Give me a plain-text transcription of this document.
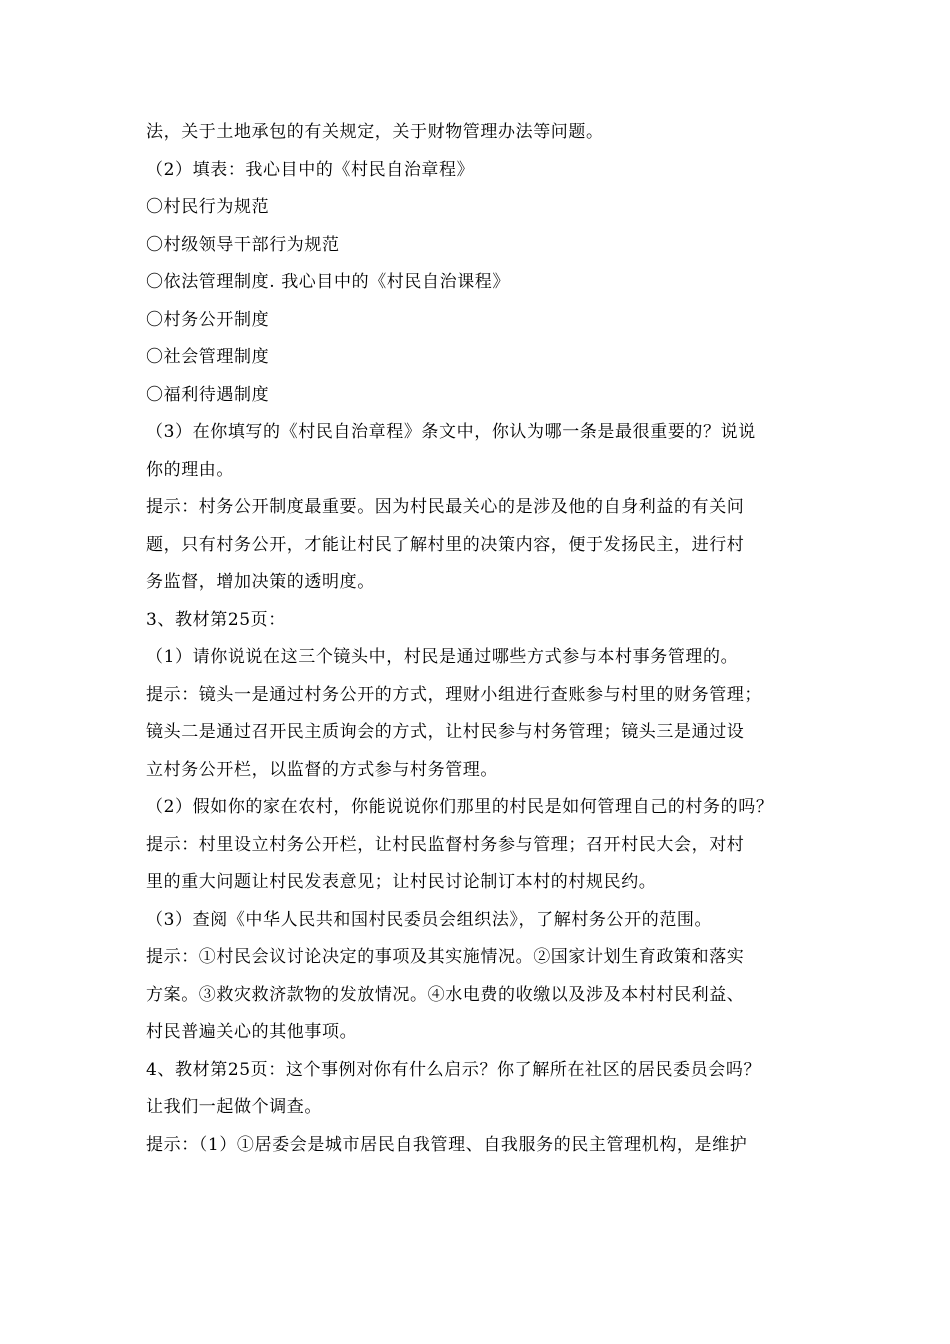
法，关于土地承包的有关规定，关于财物管理办法等问题。
（2）填表：我心目中的《村民自治章程》
〇村民行为规范
〇村级领导干部行为规范
〇依法管理制度. 我心目中的《村民自治课程》
〇村务公开制度
〇社会管理制度
〇福利待遇制度
（3）在你填写的《村民自治章程》条文中，你认为哪一条是最很重要的？说说
你的理由。
提示：村务公开制度最重要。因为村民最关心的是涉及他的自身利益的有关问
题，只有村务公开，才能让村民了解村里的决策内容，便于发扬民主，进行村
务监督，增加决策的透明度。
3、教材第25页：
（1）请你说说在这三个镜头中，村民是通过哪些方式参与本村事务管理的。
提示：镜头一是通过村务公开的方式，理财小组进行查账参与村里的财务管理；
镜头二是通过召开民主质询会的方式，让村民参与村务管理；镜头三是通过设
立村务公开栏，以监督的方式参与村务管理。
（2）假如你的家在农村，你能说说你们那里的村民是如何管理自己的村务的吗？
提示：村里设立村务公开栏，让村民监督村务参与管理；召开村民大会，对村
里的重大问题让村民发表意见；让村民讨论制订本村的村规民约。
（3）查阅《中华人民共和国村民委员会组织法》，了解村务公开的范围。
提示：①村民会议讨论决定的事项及其实施情况。②国家计划生育政策和落实
方案。③救灾救济款物的发放情况。④水电费的收缴以及涉及本村村民利益、
村民普遍关心的其他事项。
4、教材第25页：这个事例对你有什么启示？你了解所在社区的居民委员会吗？
让我们一起做个调查。
提示：（1）①居委会是城市居民自我管理、自我服务的民主管理机构，是维护
